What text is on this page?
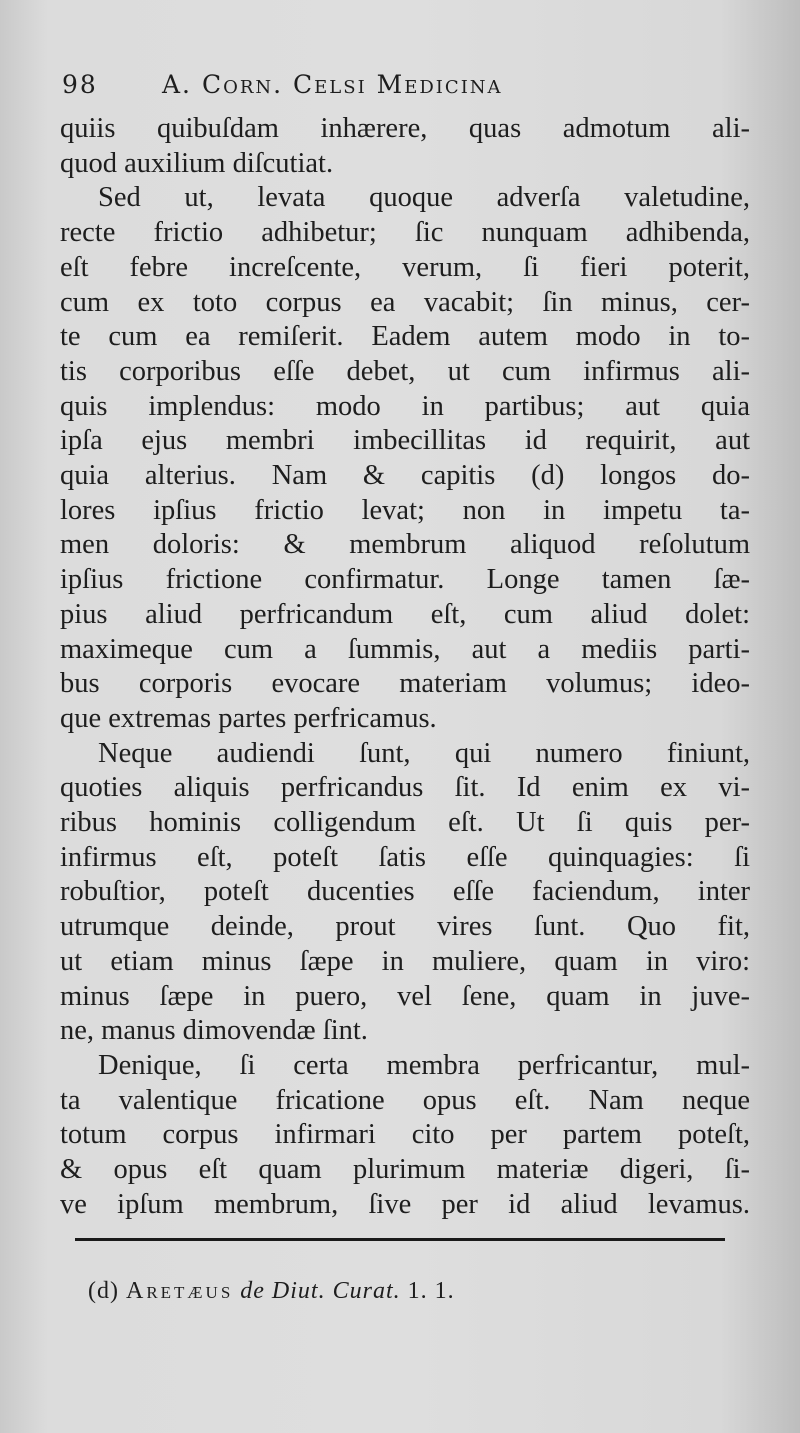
98	A. Corn. Celsi Medicina
quiis quibuſdam inhærere, quas admotum ali-
quod auxilium diſcutiat.
Sed ut, levata quoque adverſa valetudine,
recte frictio adhibetur; ſic nunquam adhibenda,
eſt febre increſcente, verum, ſi fieri poterit,
cum ex toto corpus ea vacabit; ſin minus, cer-
te cum ea remiſerit. Eadem autem modo in to-
tis corporibus eſſe debet, ut cum infirmus ali-
quis implendus: modo in partibus; aut quia
ipſa ejus membri imbecillitas id requirit, aut
quia alterius. Nam & capitis (d) longos do-
lores ipſius frictio levat; non in impetu ta-
men doloris: & membrum aliquod reſolutum
ipſius frictione confirmatur. Longe tamen ſæ-
pius aliud perfricandum eſt, cum aliud dolet:
maximeque cum a ſummis, aut a mediis parti-
bus corporis evocare materiam volumus; ideo-
que extremas partes perfricamus.
Neque audiendi ſunt, qui numero finiunt,
quoties aliquis perfricandus ſit. Id enim ex vi-
ribus hominis colligendum eſt. Ut ſi quis per-
infirmus eſt, poteſt ſatis eſſe quinquagies: ſi
robuſtior, poteſt ducenties eſſe faciendum, inter
utrumque deinde, prout vires ſunt. Quo fit,
ut etiam minus ſæpe in muliere, quam in viro:
minus ſæpe in puero, vel ſene, quam in juve-
ne, manus dimovendæ ſint.
Denique, ſi certa membra perfricantur, mul-
ta valentique fricatione opus eſt. Nam neque
totum corpus infirmari cito per partem poteſt,
& opus eſt quam plurimum materiæ digeri, ſi-
ve ipſum membrum, ſive per id aliud levamus.
(d) Aretæus de Diut. Curat. 1. 1.
